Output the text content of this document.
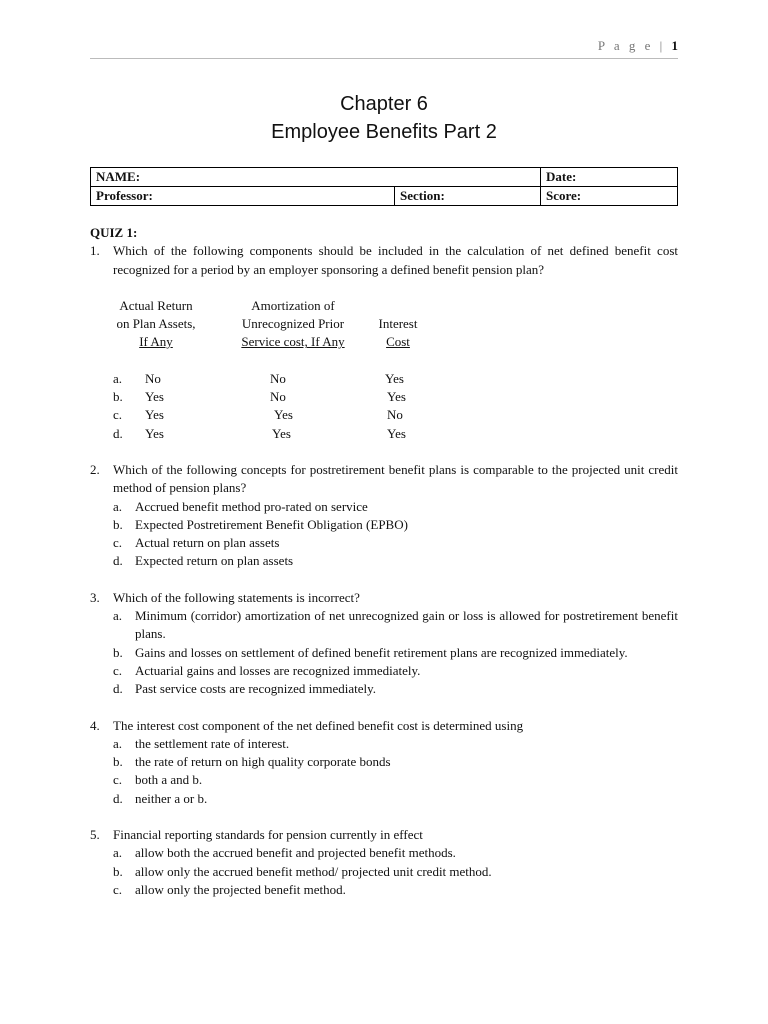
P a g e | 1
Chapter 6
Employee Benefits Part 2
NAME:		Date:
Professor:	Section:	Score:
QUIZ 1:
1. Which of the following components should be included in the calculation of net defined benefit cost recognized for a period by an employer sponsoring a defined benefit pension plan?
Actual Return	Amortization of
on Plan Assets,	Unrecognized Prior	Interest
If Any	Service cost, If Any	Cost
a. No	No	Yes
b. Yes	No	Yes
c. Yes	Yes	No
d. Yes	Yes	Yes
2. Which of the following concepts for postretirement benefit plans is comparable to the projected unit credit method of pension plans?
a. Accrued benefit method pro-rated on service
b. Expected Postretirement Benefit Obligation (EPBO)
c. Actual return on plan assets
d. Expected return on plan assets
3. Which of the following statements is incorrect?
a. Minimum (corridor) amortization of net unrecognized gain or loss is allowed for postretirement benefit plans.
b. Gains and losses on settlement of defined benefit retirement plans are recognized immediately.
c. Actuarial gains and losses are recognized immediately.
d. Past service costs are recognized immediately.
4. The interest cost component of the net defined benefit cost is determined using
a. the settlement rate of interest.
b. the rate of return on high quality corporate bonds
c. both a and b.
d. neither a or b.
5. Financial reporting standards for pension currently in effect
a. allow both the accrued benefit and projected benefit methods.
b. allow only the accrued benefit method/ projected unit credit method.
c. allow only the projected benefit method.
